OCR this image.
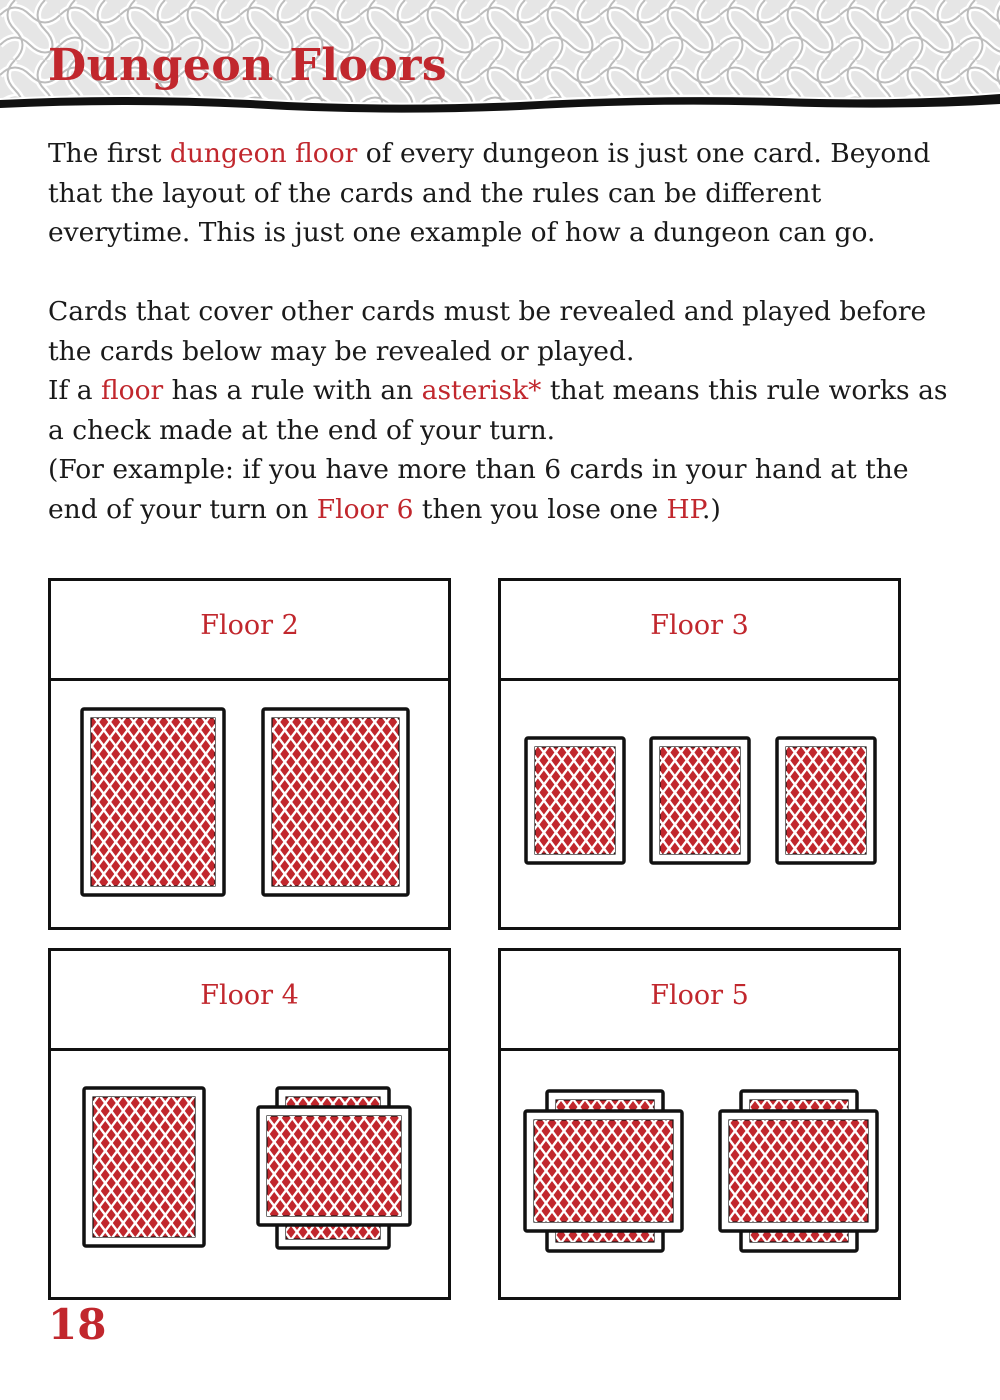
Dungeon Floors

The first dungeon floor of every dungeon is just one card. Beyond that the layout of the cards and the rules can be different everytime. This is just one example of how a dungeon can go.

Cards that cover other cards must be revealed and played before the cards below may be revealed or played.

If a floor has a rule with an asterisk* that means this rule works as a check made at the end of your turn.

(For example: if you have more than 6 cards in your hand at the end of your turn on Floor 6 then you lose one HP.)

Floor 2	Floor 3
Floor 4	Floor 5
18
